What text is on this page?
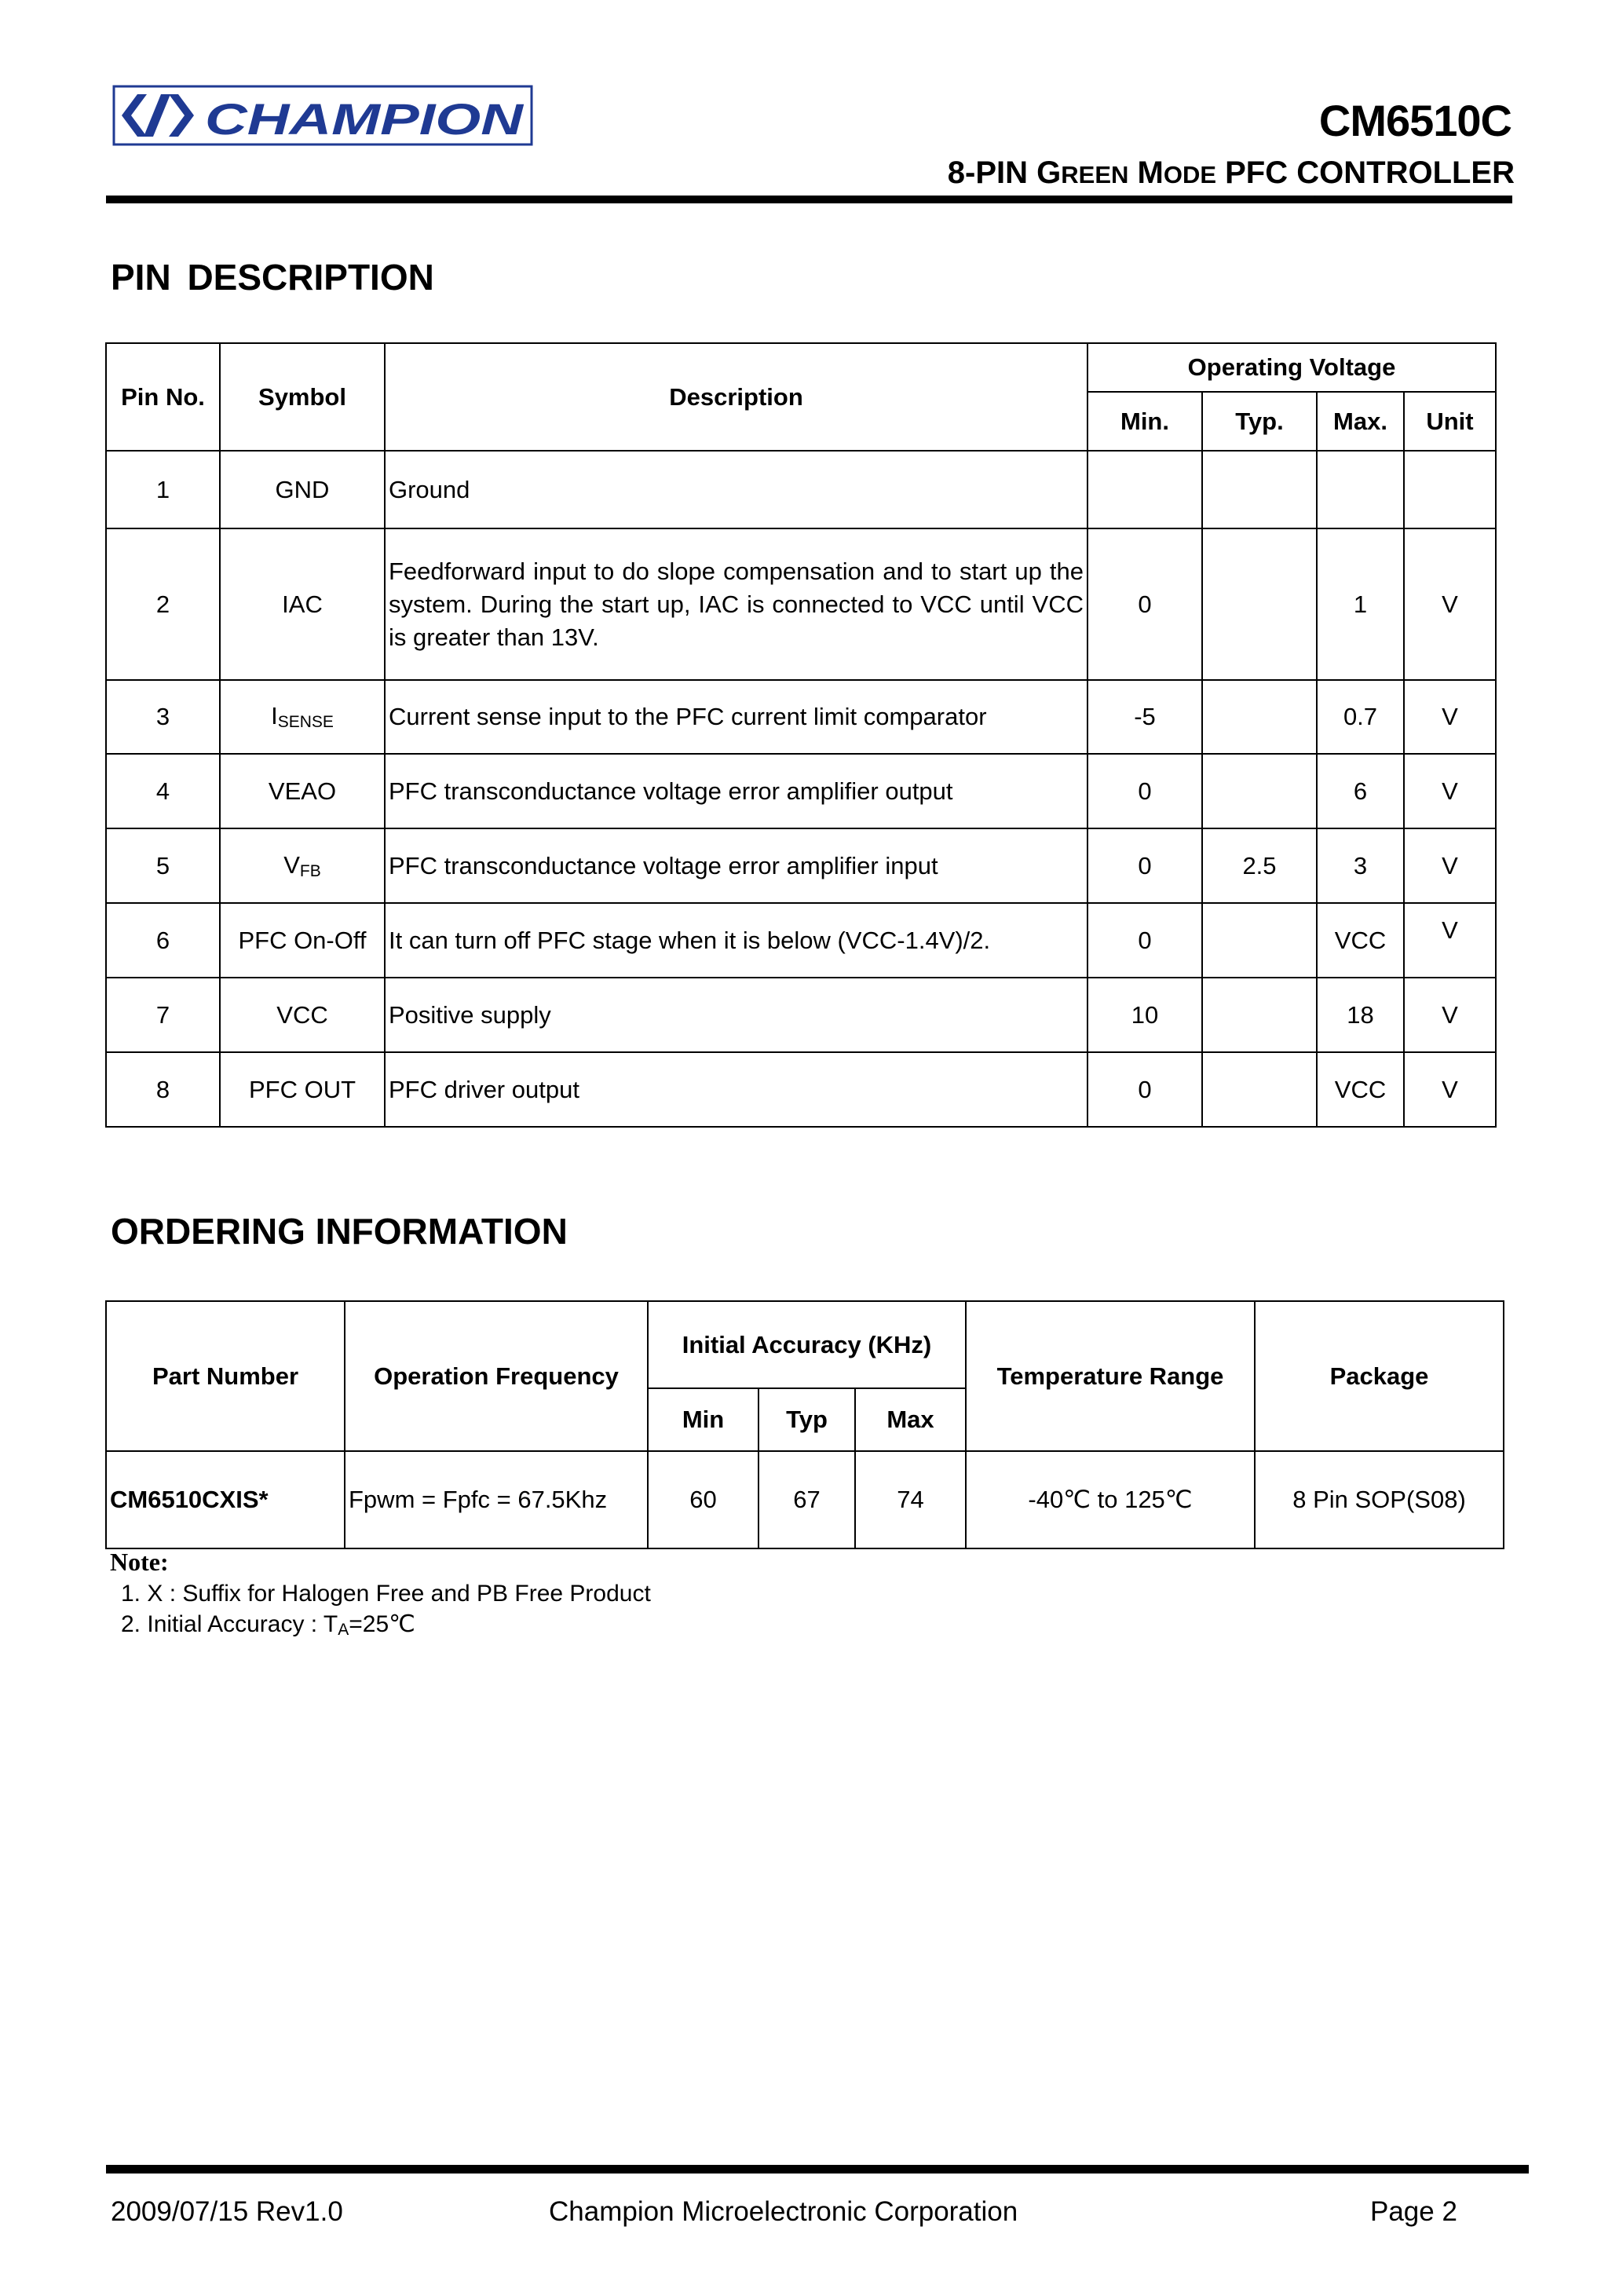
CHAMPION	CM6510C
8-PIN GREEN MODE PFC CONTROLLER
PIN DESCRIPTION
Pin No.	Symbol	Description	Operating Voltage			
			Min.	Typ.	Max.	Unit
1	GND	Ground				
2	IAC	Feedforward input to do slope compensation and to start up the system. During the start up, IAC is connected to VCC until VCC is greater than 13V.	0		1	V
3	ISENSE	Current sense input to the PFC current limit comparator	-5		0.7	V
4	VEAO	PFC transconductance voltage error amplifier output	0		6	V
5	VFB	PFC transconductance voltage error amplifier input	0	2.5	3	V
6	PFC On-Off	It can turn off PFC stage when it is below (VCC-1.4V)/2.	0		VCC	V
7	VCC	Positive supply	10		18	V
8	PFC OUT	PFC driver output	0		VCC	V
ORDERING INFORMATION
Part Number	Operation Frequency	Initial Accuracy (KHz)			Temperature Range	Package
		Min	Typ	Max		
CM6510CXIS*	Fpwm = Fpfc = 67.5Khz	60	67	74	-40℃ to 125℃	8 Pin SOP(S08)
Note:
1. X : Suffix for Halogen Free and PB Free Product
2. Initial Accuracy : TA=25℃
2009/07/15 Rev1.0	Champion Microelectronic Corporation	Page 2
